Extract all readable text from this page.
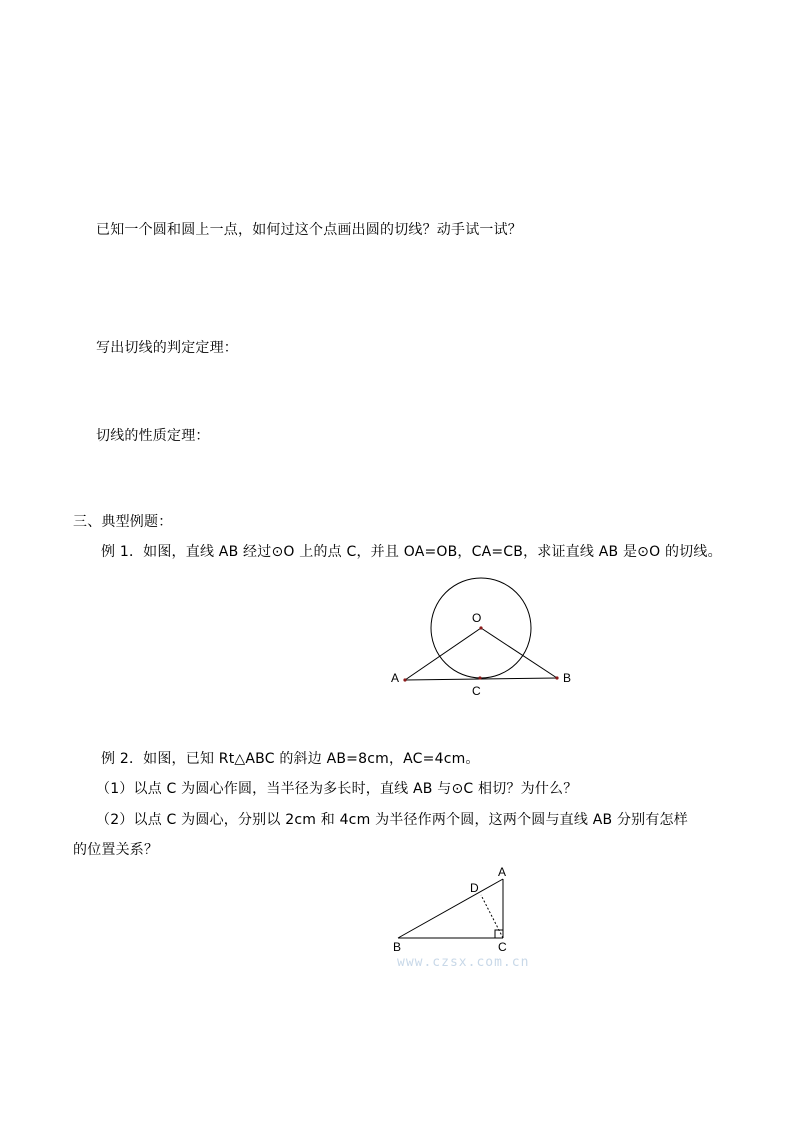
已知一个圆和圆上一点，如何过这个点画出圆的切线？动手试一试？
写出切线的判定定理：
切线的性质定理：
三、典型例题：
例 1．如图，直线 AB 经过⊙O 上的点 C，并且 OA=OB，CA=CB，求证直线 AB 是⊙O 的切线。
O
A	B
C
例 2．如图，已知 Rt△ABC 的斜边 AB=8cm，AC=4cm。
（1）以点 C 为圆心作圆，当半径为多长时，直线 AB 与⊙C 相切？为什么？
（2）以点 C 为圆心，分别以 2cm 和 4cm 为半径作两个圆，这两个圆与直线 AB 分别有怎样
的位置关系？
A
D
B	C
www.czsx.com.cn
